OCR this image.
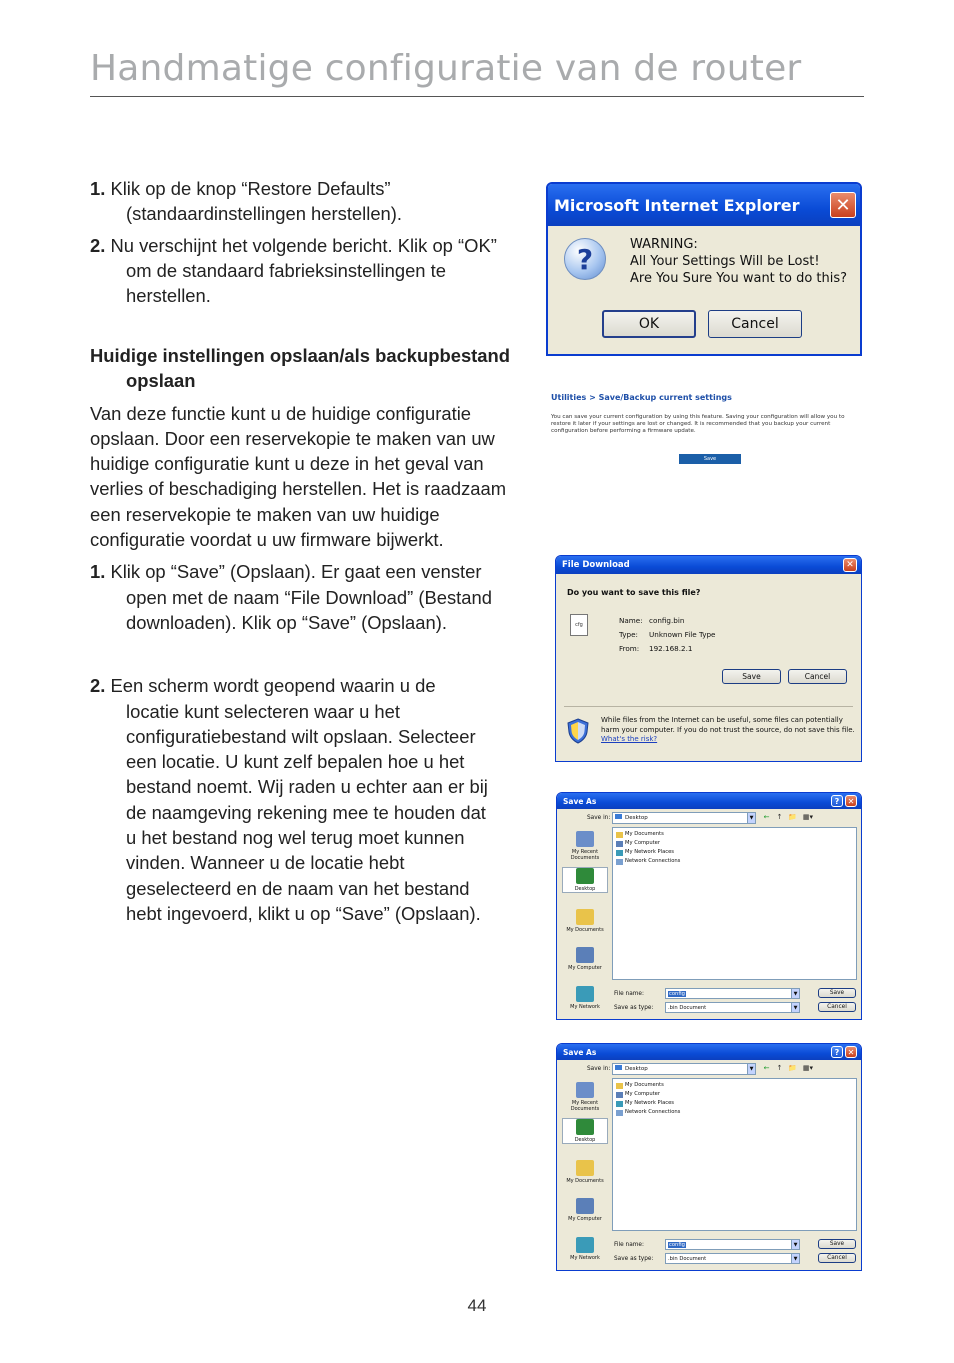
Handmatige configuratie van de router

1. Klik op de knop “Restore Defaults” (standaardinstellingen herstellen).

2. Nu verschijnt het volgende bericht. Klik op “OK” om de standaard fabrieksinstellingen te herstellen.

Huidige instellingen opslaan/als backupbestand opslaan

Van deze functie kunt u de huidige configuratie opslaan. Door een reservekopie te maken van uw huidige configuratie kunt u deze in het geval van verlies of beschadiging herstellen. Het is raadzaam een reservekopie te maken van uw huidige configuratie voordat u uw firmware bijwerkt.

1. Klik op “Save” (Opslaan). Er gaat een venster open met de naam “File Download” (Bestand downloaden). Klik op “Save” (Opslaan).

2. Een scherm wordt geopend waarin u de locatie kunt selecteren waar u het configuratiebestand wilt opslaan. Selecteer een locatie. U kunt zelf bepalen hoe u het bestand noemt. Wij raden u echter aan er bij de naamgeving rekening mee te houden dat u het bestand nog wel terug moet kunnen vinden. Wanneer u de locatie hebt geselecteerd en de naam van het bestand hebt ingevoerd, klikt u op “Save” (Opslaan).

Microsoft Internet Explorer	✕
?	WARNING:
All Your Settings Will be Lost!
Are You Sure You want to do this?
OK	Cancel
Utilities > Save/Backup current settings
You can save your current configuration by using this feature. Saving your configuration will allow you to restore it later if your settings are lost or changed. It is recommended that you backup your current configuration before performing a firmware update.
Save
File Download	✕
Do you want to save this file?
cfg	Name: config.bin
Type: Unknown File Type
From: 192.168.2.1
Save	Cancel
While files from the Internet can be useful, some files can potentially harm your computer. If you do not trust the source, do not save this file. What's the risk?
Save As	?	✕
Save in:	Desktop	▼ ← ↑ 📁 ▦▾
My Recent Documents
Desktop
My Documents
My Computer
My Network
My Documents
My Computer
My Network Places
Network Connections
File name:	config	▼
Save as type:	.bin Document	▼
Save
Cancel
Save As	?	✕
Save in:	Desktop	▼ ← ↑ 📁 ▦▾
My Recent Documents
Desktop
My Documents
My Computer
My Network
My Documents
My Computer
My Network Places
Network Connections
File name:	config	▼
Save as type:	.bin Document	▼
Save
Cancel
44
